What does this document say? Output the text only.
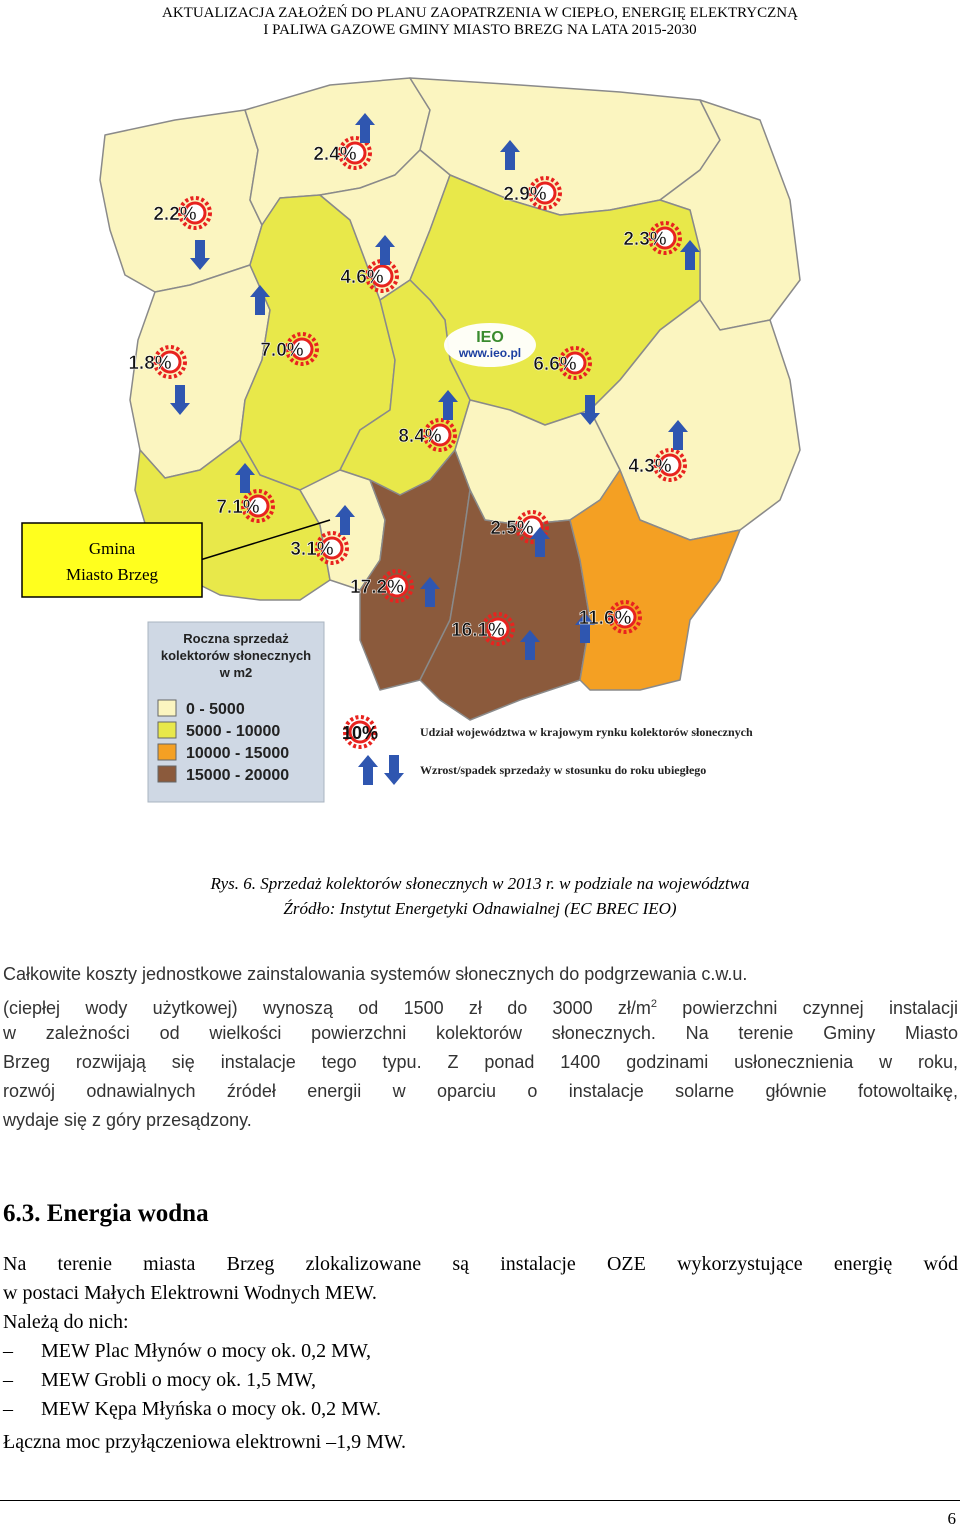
AKTUALIZACJA ZAŁOŻEŃ DO PLANU ZAOPATRZENIA W CIEPŁO, ENERGIĘ ELEKTRYCZNĄ
I PALIWA GAZOWE GMINY MIASTO BREZG NA LATA 2015-2030
IEO
www.ieo.pl
2.4%
2.9%
2.2%
2.3%
4.6%
7.0%
6.6%
1.8%
8.4%
4.3%
7.1%
3.1%
2.5%
17.2%
16.1%
11.6%
Gmina
Miasto Brzeg
Roczna sprzedaż
kolektorów słonecznych
w m2
0 - 5000
5000 - 10000
10000 - 15000
15000 - 20000
10%	Udział województwa w krajowym rynku kolektorów słonecznych
Wzrost/spadek sprzedaży w stosunku do roku ubiegłego
Rys. 6. Sprzedaż kolektorów słonecznych w 2013 r. w podziale na województwa
Źródło: Instytut Energetyki Odnawialnej (EC BREC IEO)
Całkowite koszty jednostkowe zainstalowania systemów słonecznych do podgrzewania c.w.u.
(ciepłej wody użytkowej) wynoszą od 1500 zł do 3000 $zł/m^2$ powierzchni czynnej instalacji
w zależności od wielkości powierzchni kolektorów słonecznych. Na terenie Gminy Miasto
Brzeg rozwijają się instalacje tego typu. Z ponad 1400 godzinami usłonecznienia w roku,
rozwój odnawialnych źródeł energii w oparciu o instalacje solarne głównie fotowoltaikę,
wydaje się z góry przesądzony.
6.3. Energia wodna
Na terenie miasta Brzeg zlokalizowane są instalacje OZE wykorzystujące energię wód
w postaci Małych Elektrowni Wodnych MEW.
Należą do nich:
– MEW Plac Młynów o mocy ok. 0,2 MW,
– MEW Grobli o mocy ok. 1,5 MW,
– MEW Kępa Młyńska o mocy ok. 0,2 MW.
Łączna moc przyłączeniowa elektrowni –1,9 MW.
6
